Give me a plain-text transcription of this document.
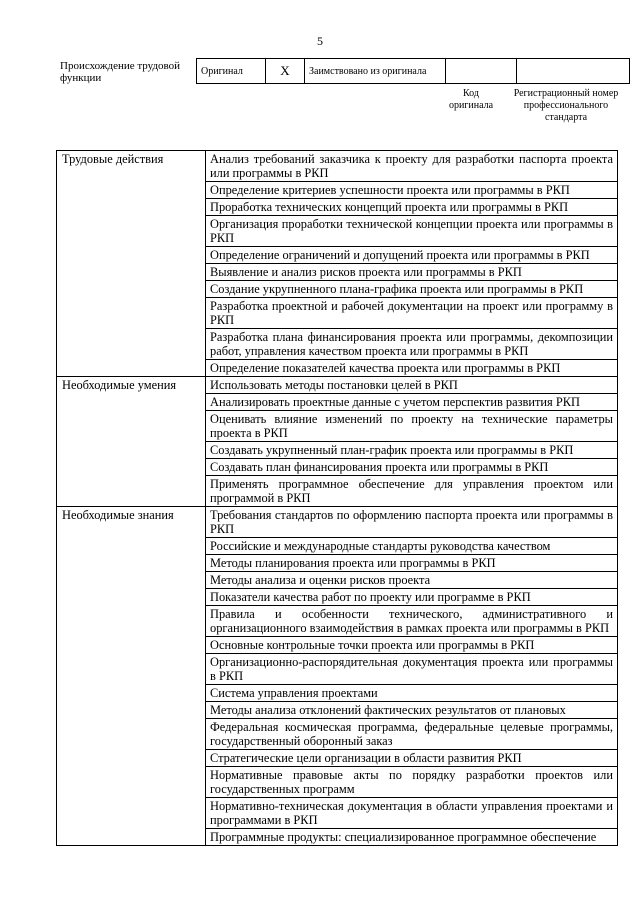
5
Происхождение трудовой функции
Оригинал	X	Заимствовано из оригинала		
Код оригинала
Регистрационный номер профессионального стандарта
Трудовые действия	Анализ требований заказчика к проекту для разработки паспорта проекта или программы в РКП
	Определение критериев успешности проекта или программы в РКП
	Проработка технических концепций проекта или программы в РКП
	Организация проработки технической концепции проекта или программы в РКП
	Определение ограничений и допущений проекта или программы в РКП
	Выявление и анализ рисков проекта или программы в РКП
	Создание укрупненного плана-графика проекта или программы в РКП
	Разработка проектной и рабочей документации на проект или программу в РКП
	Разработка плана финансирования проекта или программы, декомпозиции работ, управления качеством проекта или программы в РКП
	Определение показателей качества проекта или программы в РКП
Необходимые умения	Использовать методы постановки целей в РКП
	Анализировать проектные данные с учетом перспектив развития РКП
	Оценивать влияние изменений по проекту на технические параметры проекта в РКП
	Создавать укрупненный план-график проекта или программы в РКП
	Создавать план финансирования проекта или программы в РКП
	Применять программное обеспечение для управления проектом или программой в РКП
Необходимые знания	Требования стандартов по оформлению паспорта проекта или программы в РКП
	Российские и международные стандарты руководства качеством
	Методы планирования проекта или программы в РКП
	Методы анализа и оценки рисков проекта
	Показатели качества работ по проекту или программе в РКП
	Правила и особенности технического, административного и организационного взаимодействия в рамках проекта или программы в РКП
	Основные контрольные точки проекта или программы в РКП
	Организационно-распорядительная документация проекта или программы в РКП
	Система управления проектами
	Методы анализа отклонений фактических результатов от плановых
	Федеральная космическая программа, федеральные целевые программы, государственный оборонный заказ
	Стратегические цели организации в области развития РКП
	Нормативные правовые акты по порядку разработки проектов или государственных программ
	Нормативно-техническая документация в области управления проектами и программами в РКП
	Программные продукты: специализированное программное обеспечение
